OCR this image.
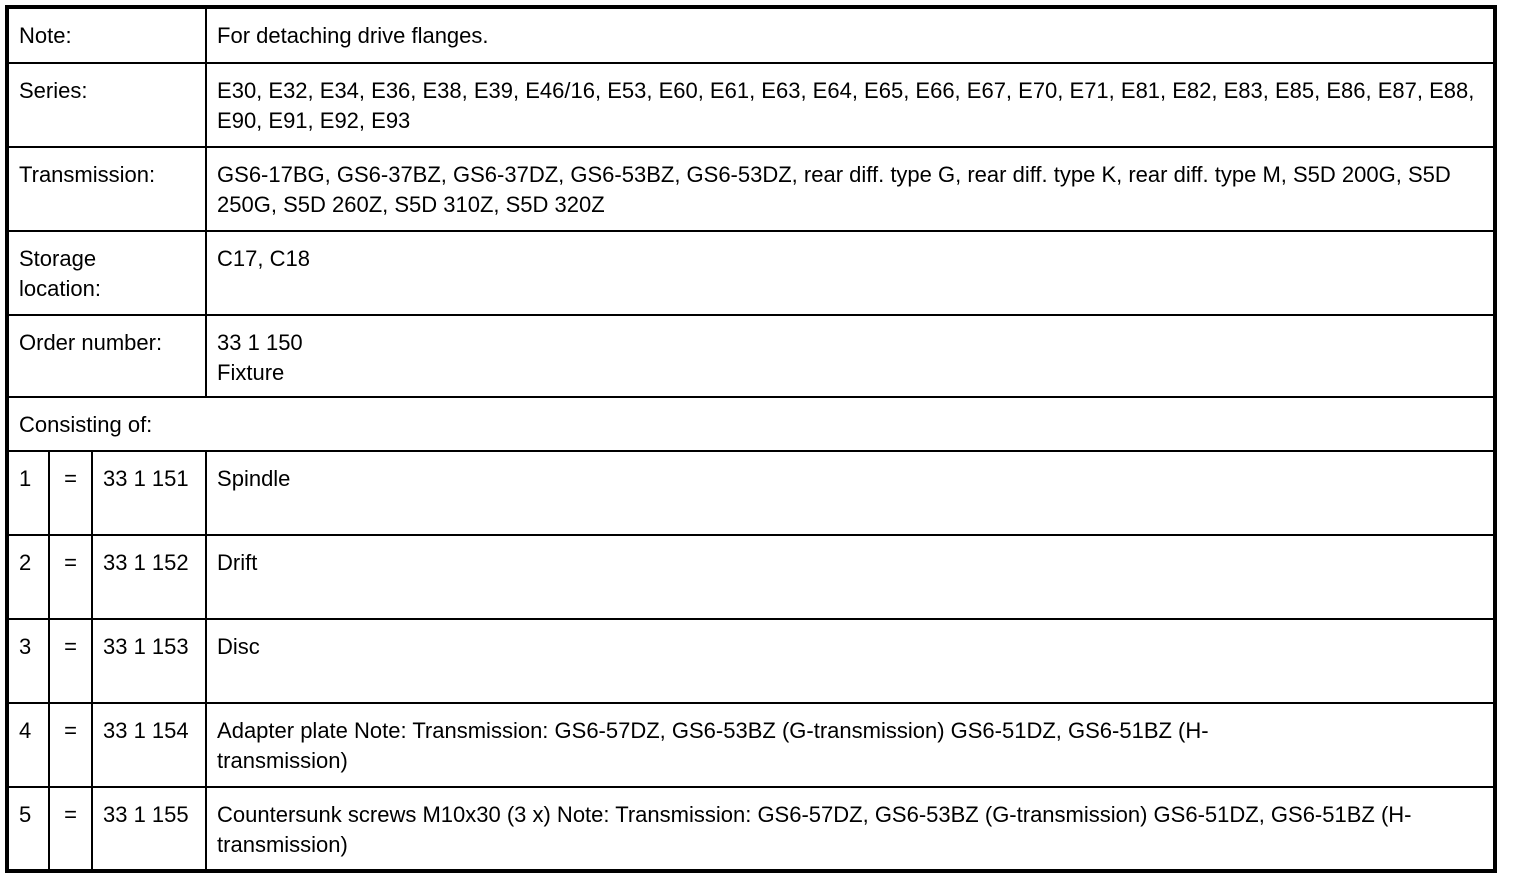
Note:			For detaching drive flanges.
Series:			E30, E32, E34, E36, E38, E39, E46/16, E53, E60, E61, E63, E64, E65, E66, E67, E70, E71, E81, E82, E83, E85, E86, E87, E88, E90, E91, E92, E93
Transmission:			GS6-17BG, GS6-37BZ, GS6-37DZ, GS6-53BZ, GS6-53DZ, rear diff. type G, rear diff. type K, rear diff. type M, S5D 200G, S5D 250G, S5D 260Z, S5D 310Z, S5D 320Z
Storage location:			C17, C18
Order number:			33 1 150
Fixture

Consisting of:			
1	=	33 1 151	Spindle
2	=	33 1 152	Drift
3	=	33 1 153	Disc
4	=	33 1 154	Adapter plate Note: Transmission: GS6-57DZ, GS6-53BZ (G-transmission) GS6-51DZ, GS6-51BZ (H-transmission)
5	=	33 1 155	Countersunk screws M10x30 (3 x) Note: Transmission: GS6-57DZ, GS6-53BZ (G-transmission) GS6-51DZ, GS6-51BZ (H-transmission)
